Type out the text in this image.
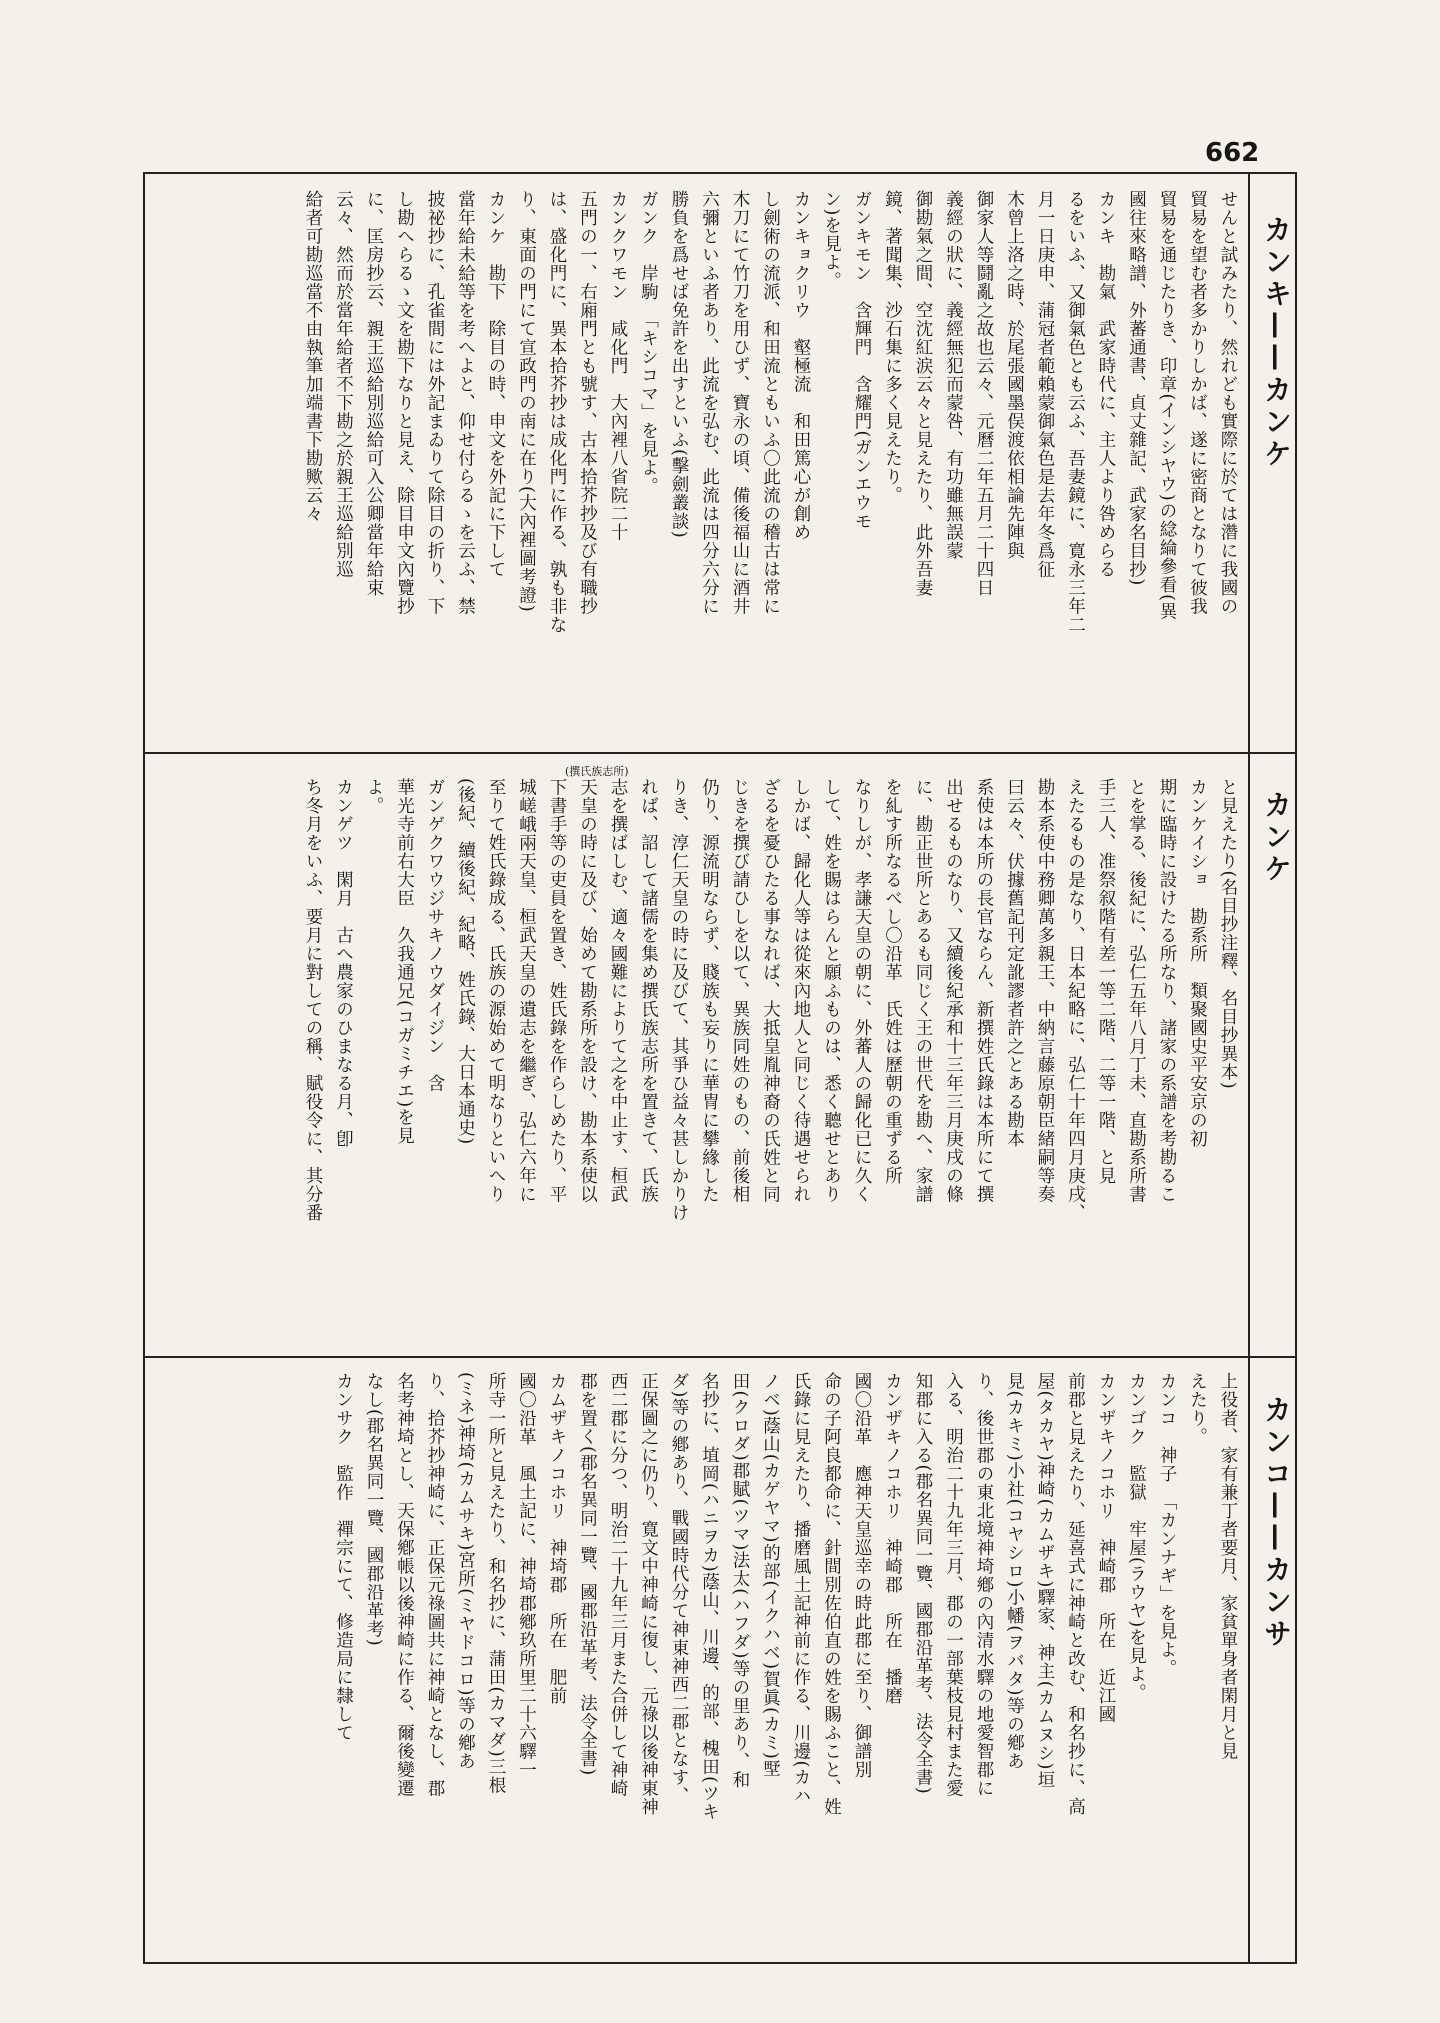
662
カンキ——カンケ
カンケ
カンコ——カンサ
(撰氏族志所)

せんと試みたり、然れども實際に於ては濳に我國の

貿易を望む者多かりしかば、遂に密商となりて彼我

貿易を通じたりき、印章(インシヤウ)の𦁤綸參看(異

國往來略譜、外蕃通書、貞丈雜記、武家名目抄)

カンキ　勘氣　武家時代に、主人より咎めらる

るをいふ、又御氣色とも云ふ、吾妻鏡に、寛永三年二

月一日庚申、蒲冠者範賴蒙御氣色是去年冬爲征

木曾上洛之時、於尾張國墨俣渡依相論先陣與

御家人等鬪亂之故也云々、元曆二年五月二十四日

義經の狀に、義經無犯而蒙咎、有功雖無誤蒙

御勘氣之間、空沈紅涙云々と見えたり、此外吾妻

鏡、著聞集、沙石集に多く見えたり。

ガンキモン　含輝門　含耀門(ガンエウモ

ン)を見よ。

カンキョクリウ　壑極流　和田篤心が創め

し劍術の流派、和田流ともいふ〇此流の稽古は常に

木刀にて竹刀を用ひず、寶永の頃、備後福山に酒井

六彌といふ者あり、此流を弘む、此流は四分六分に

勝負を爲せば免許を出すといふ(擊劍叢談)

ガンク　岸駒　「キシコマ」を見よ。

カンクワモン　咸化門　大內裡八省院二十

五門の一、右廂門とも號す、古本拾芥抄及び有職抄

は、盛化門に、異本拾芥抄は成化門に作る、孰も非な

り、東面の門にて宣政門の南に在り(大內裡圖考證)

カンケ　勘下　除目の時、申文を外記に下して

當年給未給等を考へよと、仰せ付らるゝを云ふ、禁

披祕抄に、孔雀間には外記まゐりて除目の折り、下

し勘へらるゝ文を勘下なりと見え、除目申文內覽抄

に、匡房抄云、親王巡給別巡給可入公卿當年給束

云々、然而於當年給者不下勘之於親王巡給別巡

給者可勘巡當不由執筆加端書下勘歟云々

と見えたり(名目抄注釋、名目抄異本)

カンケイショ　勘系所　類聚國史平安京の初

期に臨時に設けたる所なり、諸家の系譜を考勘るこ

とを掌る、後紀に、弘仁五年八月丁未、直勘系所書

手三人、准祭叙階有差一等二階、二等一階、と見

えたるもの是なり、日本紀略に、弘仁十年四月庚戌、

勘本系使中務卿萬多親王、中納言藤原朝臣緒嗣等奏

曰云々、伏據舊記刊定訛謬者許之とある勘本

系使は本所の長官ならん、新撰姓氏錄は本所にて撰

出せるものなり、又續後紀承和十三年三月庚戌の條

に、勘正世所とあるも同じく王の世代を勘へ、家譜

を糺す所なるべし〇沿革　氏姓は歷朝の重ずる所

なりしが、孝謙天皇の朝に、外蕃人の歸化已に久く

して、姓を賜はらんと願ふものは、悉く聽せとあり

しかば、歸化人等は從來內地人と同じく待遇せられ

ざるを憂ひたる事なれば、大抵皇胤神裔の氏姓と同

じきを撰び請ひしを以て、異族同姓のもの、前後相

仍り、源流明ならず、賤族も妄りに華冑に攀緣した

りき、淳仁天皇の時に及びて、其爭ひ益々甚しかりけ

れば、詔して諸儒を集め撰氏族志所を置きて、氏族

志を撰ばしむ、適々國難によりて之を中止す、桓武

天皇の時に及び、始めて勘系所を設け、勘本系使以

下書手等の吏員を置き、姓氏錄を作らしめたり、平

城嵯峨兩天皇、桓武天皇の遺志を繼ぎ、弘仁六年に

至りて姓氏錄成る、氏族の源始めて明なりといへり

(後紀、續後紀、紀略、姓氏錄、大日本通史)

ガンゲクワウジサキノウダイジン　含

華光寺前右大臣　久我通兄(コガミチエ)を見

よ。

カンゲツ　閑月　古へ農家のひまなる月、卽

ち冬月をいふ、要月に對しての稱、賦役令に、其分番

上役者、家有兼丁者要月、家貧單身者閑月と見

えたり。

カンコ　神子　「カンナギ」を見よ。

カンゴク　監獄　牢屋(ラウヤ)を見よ。

カンザキノコホリ　神崎郡　所在　近江國

前郡と見えたり、延喜式に神崎と改む、和名抄に、高

屋(タカヤ)神崎(カムザキ)驛家、神主(カムヌシ)垣

見(カキミ)小社(コヤシロ)小幡(ヲバタ)等の鄕あ

り、後世郡の東北境神埼鄕の內清水驛の地愛智郡に

入る、明治二十九年三月、郡の一部葉枝見村また愛

知郡に入る(郡名異同一覽、國郡沿革考、法令全書)

カンザキノコホリ　神崎郡　所在　播磨

國〇沿革　應神天皇巡幸の時此郡に至り、御譜別

命の子阿良都命に、針間別佐伯直の姓を賜ふこと、姓

氏錄に見えたり、播磨風土記神前に作る、川邊(カハ

ノベ)蔭山(カゲヤマ)的部(イクハベ)賀眞(カミ)㙒

田(クロダ)郡賦(ツマ)法太(ハフダ)等の里あり、和

名抄に、埴岡(ハニヲカ)蔭山、川邊、的部、槐田(ツキ

ダ)等の鄕あり、戰國時代分て神東神西二郡となす、

正保圖之に仍り、寛文中神崎に復し、元祿以後神東神

西二郡に分つ、明治二十九年三月また合併して神崎

郡を置く(郡名異同一覽、國郡沿革考、法令全書)

カムザキノコホリ　神埼郡　所在　肥前

國〇沿革　風土記に、神埼郡鄕玖所里二十六驛一

所寺一所と見えたり、和名抄に、蒲田(カマダ)三根

(ミネ)神埼(カムサキ)宮所(ミヤドコロ)等の鄕あ

り、拾芥抄神崎に、正保元祿圖共に神崎となし、郡

名考神埼とし、天保鄕帳以後神崎に作る、爾後變遷

なし(郡名異同一覽、國郡沿革考)

カンサク　監作　禪宗にて、修造局に隸して
